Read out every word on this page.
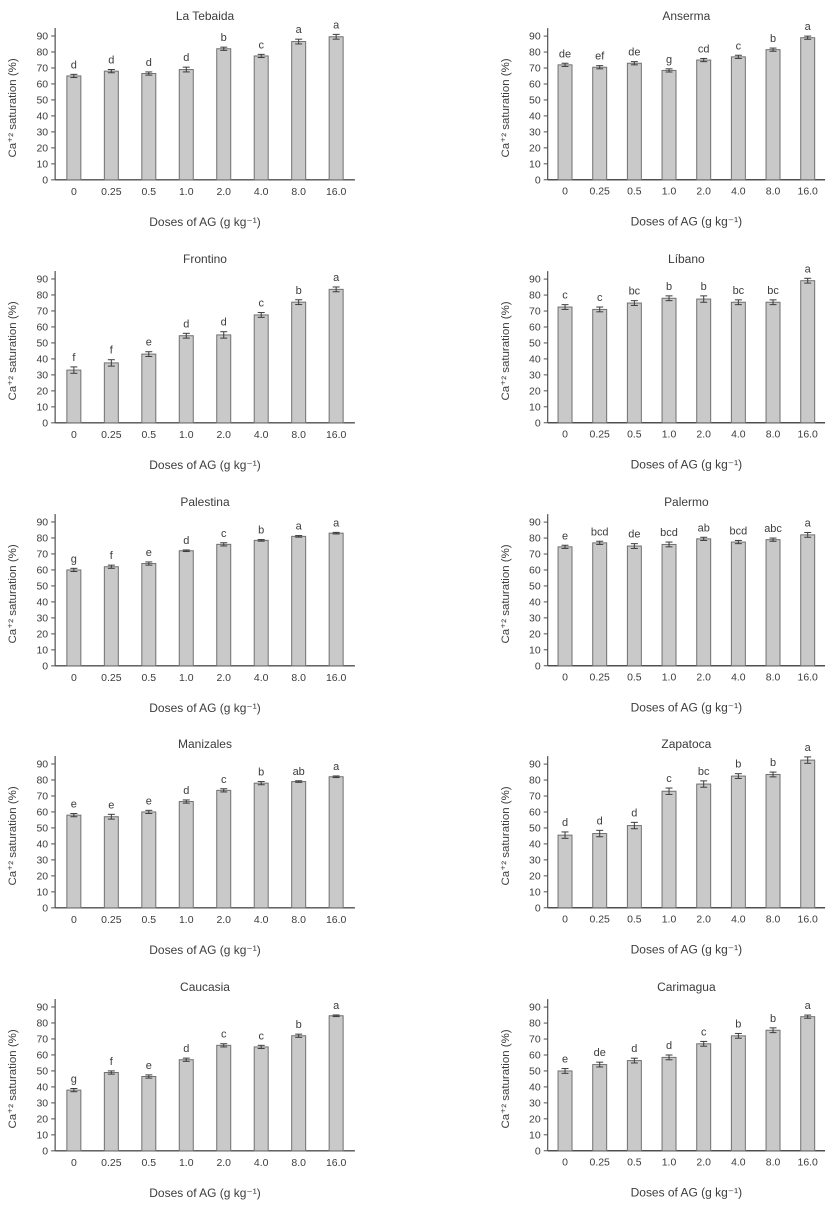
La Tebaida
0
10
20
30
40
50
60
70
80
90
d
0
d
0.25
d
0.5
d
1.0
b
2.0
c
4.0
a
8.0
a
16.0
Doses of AG (g kg⁻¹)
Ca⁺² saturation (%)
Anserma
0
10
20
30
40
50
60
70
80
90
de
0
ef
0.25
de
0.5
g
1.0
cd
2.0
c
4.0
b
8.0
a
16.0
Doses of AG (g kg⁻¹)
Ca⁺² saturation (%)
Frontino
0
10
20
30
40
50
60
70
80
90
f
0
f
0.25
e
0.5
d
1.0
d
2.0
c
4.0
b
8.0
a
16.0
Doses of AG (g kg⁻¹)
Ca⁺² saturation (%)
Líbano
0
10
20
30
40
50
60
70
80
90
c
0
c
0.25
bc
0.5
b
1.0
b
2.0
bc
4.0
bc
8.0
a
16.0
Doses of AG (g kg⁻¹)
Ca⁺² saturation (%)
Palestina
0
10
20
30
40
50
60
70
80
90
g
0
f
0.25
e
0.5
d
1.0
c
2.0
b
4.0
a
8.0
a
16.0
Doses of AG (g kg⁻¹)
Ca⁺² saturation (%)
Palermo
0
10
20
30
40
50
60
70
80
90
e
0
bcd
0.25
de
0.5
bcd
1.0
ab
2.0
bcd
4.0
abc
8.0
a
16.0
Doses of AG (g kg⁻¹)
Ca⁺² saturation (%)
Manizales
0
10
20
30
40
50
60
70
80
90
e
0
e
0.25
e
0.5
d
1.0
c
2.0
b
4.0
ab
8.0
a
16.0
Doses of AG (g kg⁻¹)
Ca⁺² saturation (%)
Zapatoca
0
10
20
30
40
50
60
70
80
90
d
0
d
0.25
d
0.5
c
1.0
bc
2.0
b
4.0
b
8.0
a
16.0
Doses of AG (g kg⁻¹)
Ca⁺² saturation (%)
Caucasia
0
10
20
30
40
50
60
70
80
90
g
0
f
0.25
e
0.5
d
1.0
c
2.0
c
4.0
b
8.0
a
16.0
Doses of AG (g kg⁻¹)
Ca⁺² saturation (%)
Carimagua
0
10
20
30
40
50
60
70
80
90
e
0
de
0.25
d
0.5
d
1.0
c
2.0
b
4.0
b
8.0
a
16.0
Doses of AG (g kg⁻¹)
Ca⁺² saturation (%)
